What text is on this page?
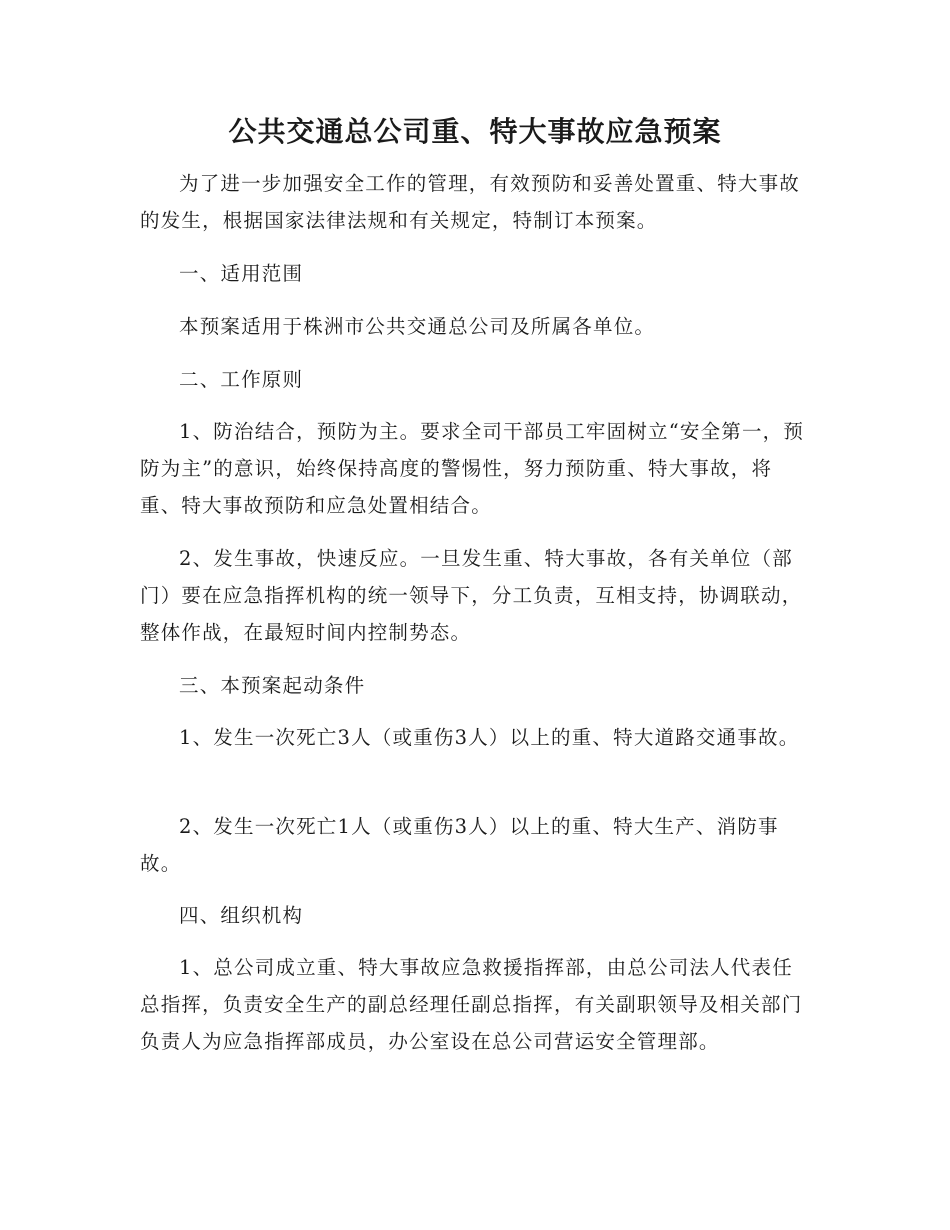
公共交通总公司重、特大事故应急预案

为了进一步加强安全工作的管理，有效预防和妥善处置重、特大事故的发生，根据国家法律法规和有关规定，特制订本预案。

一、适用范围

本预案适用于株洲市公共交通总公司及所属各单位。

二、工作原则

1、防治结合，预防为主。要求全司干部员工牢固树立“安全第一，预防为主”的意识，始终保持高度的警惕性，努力预防重、特大事故，将重、特大事故预防和应急处置相结合。

2、发生事故，快速反应。一旦发生重、特大事故，各有关单位（部门）要在应急指挥机构的统一领导下，分工负责，互相支持，协调联动，整体作战，在最短时间内控制势态。

三、本预案起动条件

1、发生一次死亡3人（或重伤3人）以上的重、特大道路交通事故。

2、发生一次死亡1人（或重伤3人）以上的重、特大生产、消防事故。

四、组织机构

1、总公司成立重、特大事故应急救援指挥部，由总公司法人代表任总指挥，负责安全生产的副总经理任副总指挥，有关副职领导及相关部门负责人为应急指挥部成员，办公室设在总公司营运安全管理部。
